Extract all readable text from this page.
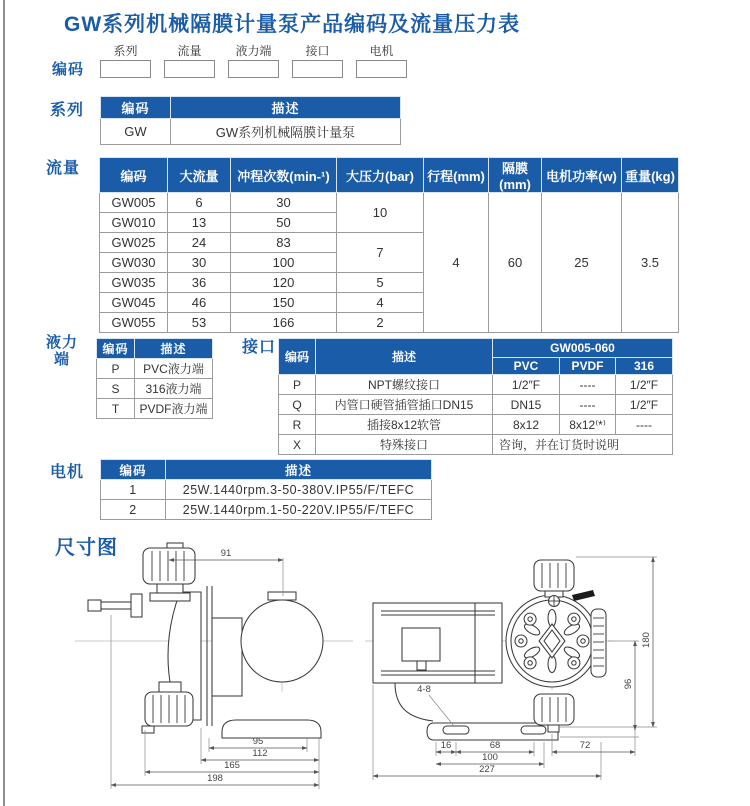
GW系列机械隔膜计量泵产品编码及流量压力表
编码
系列	流量	液力端	接口	电机
系列	编码	描述
GW	GW系列机械隔膜计量泵
流量	编码	大流量	冲程次数(min-¹)	大压力(bar)	行程(mm)	隔膜(mm)	电机功率(w)	重量(kg)
GW005	6	30	10	4	60	25	3.5
GW010	13	50					
GW025	24	83	7				
GW030	30	100					
GW035	36	120	5				
GW045	46	150	4				
GW055	53	166	2				
液力端
编码	描述
P	PVC液力端
S	316液力端
T	PVDF液力端
接口
编码	描述	GW005-060		
		PVC	PVDF	316
P	NPT螺纹接口	1/2″F	----	1/2″F
Q	内管口硬管插管插口DN15	DN15	----	1/2″F
R	插接8x12软管	8x12	8x12⁽*⁾	----
X	特殊接口	咨询，并在订货时说明		
电机	编码	描述
1	25W.1440rpm.3-50-380V.IP55/F/TEFC
2	25W.1440rpm.1-50-220V.IP55/F/TEFC
尺寸图	91
95
112
165
198
4-8
16	68
100
227
72
96
180
